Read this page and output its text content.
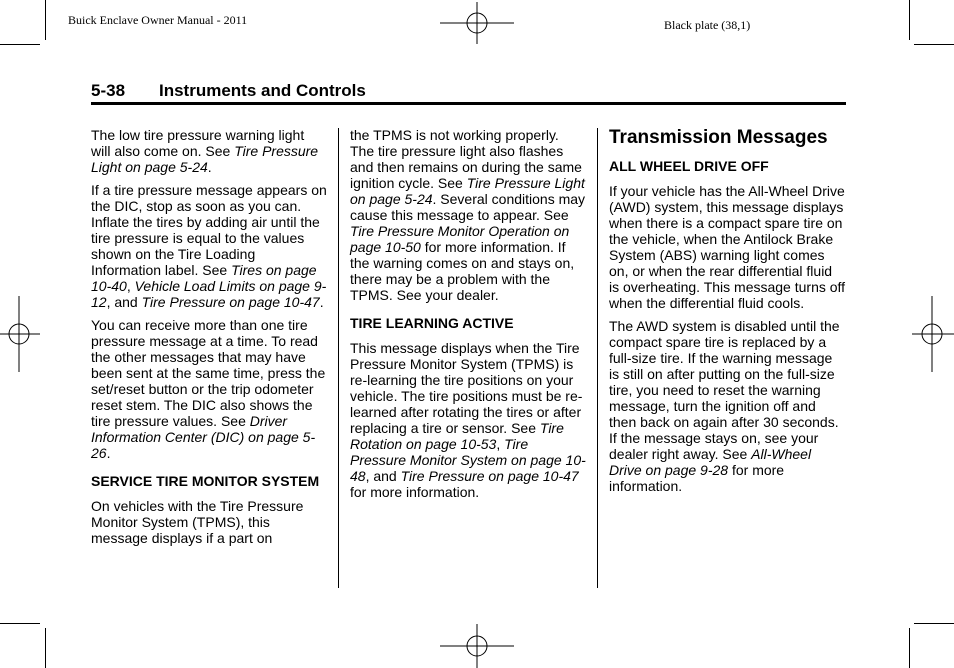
Buick Enclave Owner Manual - 2011	Black plate (38,1)
5-38 Instruments and Controls

The low tire pressure warning light will also come on. See Tire Pressure Light on page 5-24.

If a tire pressure message appears on the DIC, stop as soon as you can. Inflate the tires by adding air until the tire pressure is equal to the values shown on the Tire Loading Information label. See Tires on page 10-40, Vehicle Load Limits on page 9-12, and Tire Pressure on page 10-47.

You can receive more than one tire pressure message at a time. To read the other messages that may have been sent at the same time, press the set/reset button or the trip odometer reset stem. The DIC also shows the tire pressure values. See Driver Information Center (DIC) on page 5-26.

SERVICE TIRE MONITOR SYSTEM

On vehicles with the Tire Pressure Monitor System (TPMS), this message displays if a part on

the TPMS is not working properly. The tire pressure light also flashes and then remains on during the same ignition cycle. See Tire Pressure Light on page 5-24. Several conditions may cause this message to appear. See Tire Pressure Monitor Operation on page 10-50 for more information. If the warning comes on and stays on, there may be a problem with the TPMS. See your dealer.

TIRE LEARNING ACTIVE

This message displays when the Tire Pressure Monitor System (TPMS) is re-learning the tire positions on your vehicle. The tire positions must be re-learned after rotating the tires or after replacing a tire or sensor. See Tire Rotation on page 10-53, Tire Pressure Monitor System on page 10-48, and Tire Pressure on page 10-47 for more information.

Transmission Messages
ALL WHEEL DRIVE OFF

If your vehicle has the All-Wheel Drive (AWD) system, this message displays when there is a compact spare tire on the vehicle, when the Antilock Brake System (ABS) warning light comes on, or when the rear differential fluid is overheating. This message turns off when the differential fluid cools.

The AWD system is disabled until the compact spare tire is replaced by a full-size tire. If the warning message is still on after putting on the full-size tire, you need to reset the warning message, turn the ignition off and then back on again after 30 seconds. If the message stays on, see your dealer right away. See All-Wheel Drive on page 9-28 for more information.
